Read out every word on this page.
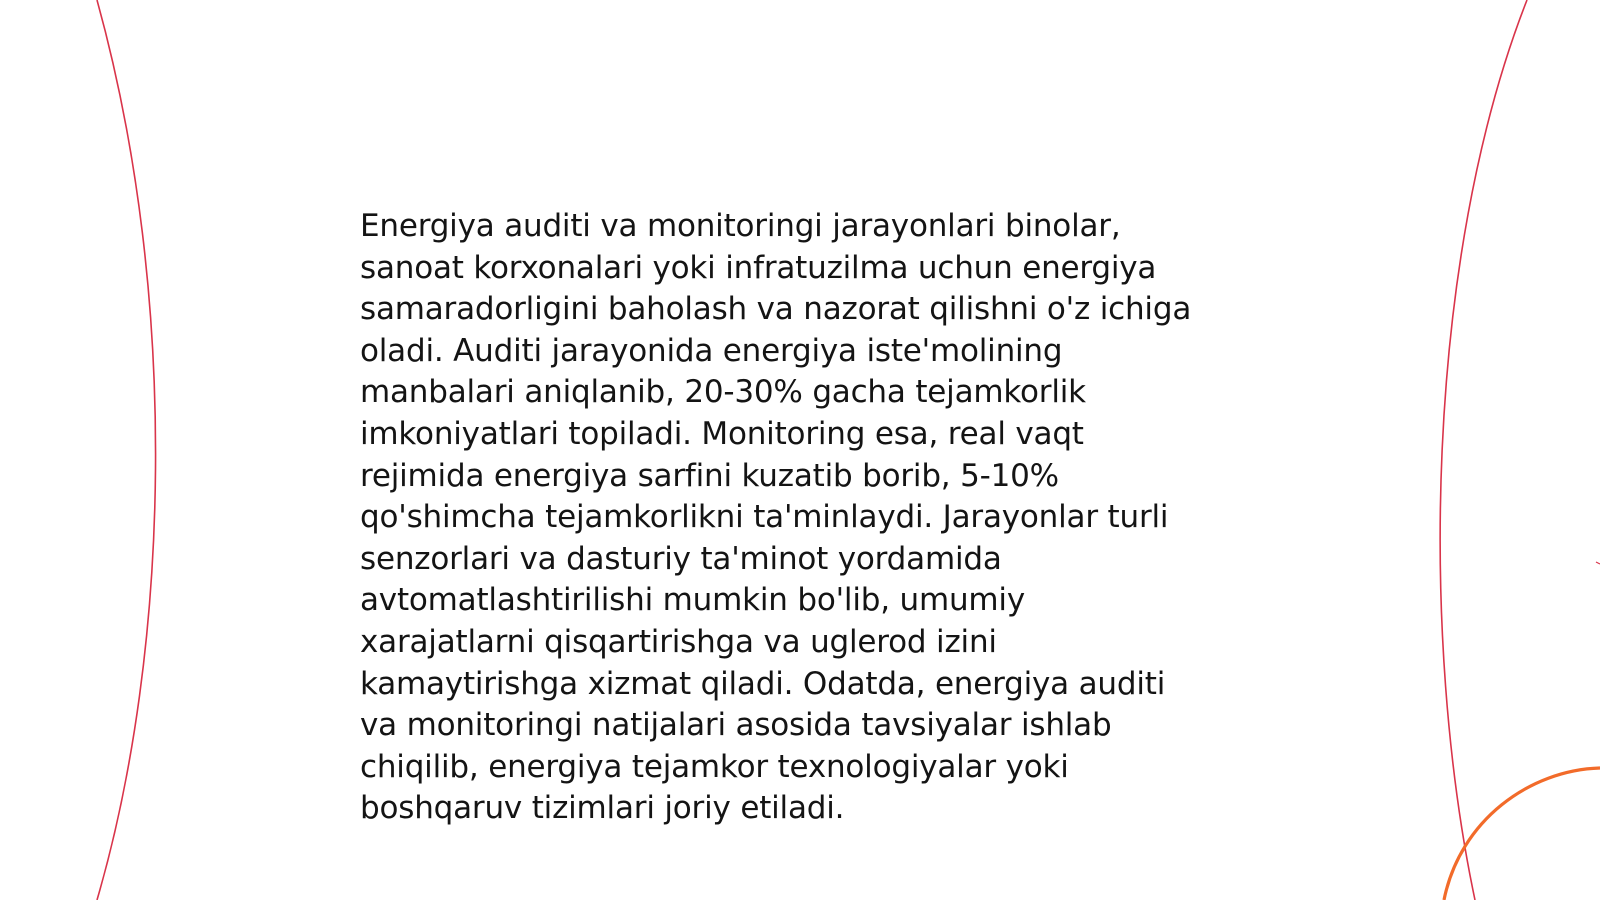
Energiya auditi va monitoringi jarayonlari binolar,
sanoat korxonalari yoki infratuzilma uchun energiya
samaradorligini baholash va nazorat qilishni o'z ichiga
oladi. Auditi jarayonida energiya iste'molining
manbalari aniqlanib, 20-30% gacha tejamkorlik
imkoniyatlari topiladi. Monitoring esa, real vaqt
rejimida energiya sarfini kuzatib borib, 5-10%
qo'shimcha tejamkorlikni ta'minlaydi. Jarayonlar turli
senzorlari va dasturiy ta'minot yordamida
avtomatlashtirilishi mumkin bo'lib, umumiy
xarajatlarni qisqartirishga va uglerod izini
kamaytirishga xizmat qiladi. Odatda, energiya auditi
va monitoringi natijalari asosida tavsiyalar ishlab
chiqilib, energiya tejamkor texnologiyalar yoki
boshqaruv tizimlari joriy etiladi.
